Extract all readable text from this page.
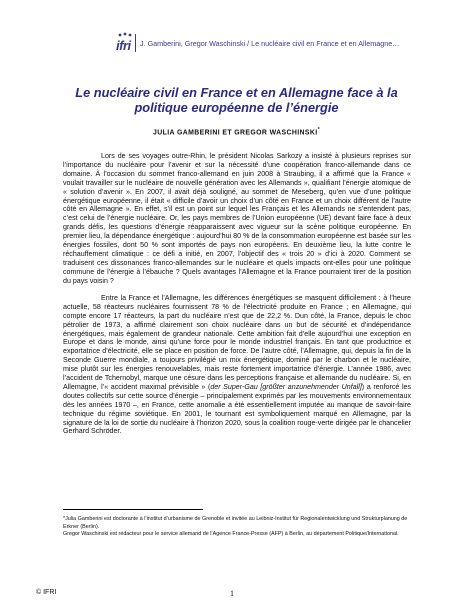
ifri J. Gamberini, Gregor Waschinski / Le nucléaire civil en France et en Allemagne…
Le nucléaire civil en France et en Allemagne face à la
politique européenne de l’énergie
JULIA GAMBERINI ET GREGOR WASCHINSKI*

Lors de ses voyages outre-Rhin, le président Nicolas Sarkozy a insisté à plusieurs reprises sur l’importance du nucléaire pour l’avenir et sur la nécessité d’une coopération franco-allemande dans ce domaine. À l’occasion du sommet franco-allemand en juin 2008 à Straubing, il a affirmé que la France « voulait travailler sur le nucléaire de nouvelle génération avec les Allemands », qualifiant l’énergie atomique de « solution d’avenir ». En 2007, il avait déjà souligné, au sommet de Meseberg, qu’en vue d’une politique énergétique européenne, il était « difficile d’avoir un choix d’un côté en France et un choix différent de l’autre côté en Allemagne ». En effet, s’il est un point sur lequel les Français et les Allemands ne s’entendent pas, c’est celui de l’énergie nucléaire. Or, les pays membres de l’Union européenne (UE) devant faire face à deux grands défis, les questions d’énergie réapparaissent avec vigueur sur la scène politique européenne. En premier lieu, la dépendance énergétique : aujourd’hui 80 % de la consommation européenne est basée sur les énergies fossiles, dont 50 % sont importés de pays non européens. En deuxième lieu, la lutte contre le réchauffement climatique : ce défi a initié, en 2007, l’objectif des « trois 20 » d’ici à 2020. Comment se traduisent ces dissonances franco-allemandes sur le nucléaire et quels impacts ont-elles pour une politique commune de l’énergie à l’ébauche ? Quels avantages l’Allemagne et la France pourraient tirer de la position du pays voisin ?

Entre la France et l’Allemagne, les différences énergétiques se masquent difficilement : à l’heure actuelle, 58 réacteurs nucléaires fournissent 78 % de l’électricité produite en France ; en Allemagne, qui compte encore 17 réacteurs, la part du nucléaire n’est que de 22,2 %. Dun côté, la France, depuis le choc pétrolier de 1973, a affirmé clairement son choix nucléaire dans un but de sécurité et d’indépendance énergétiques, mais également de grandeur nationale. Cette ambition fait d’elle aujourd’hui une exception en Europe et dans le monde, ainsi qu’une force pour le monde industriel français. En tant que productrice et exportatrice d’électricité, elle se place en position de force. De l’autre côté, l’Allemagne, qui, depuis la fin de la Seconde Guerre mondiale, a toujours privilégié un mix énergétique, dominé par le charbon et le nucléaire, mise plutôt sur les énergies renouvelables, mais reste fortement importatrice d’énergie. L’année 1986, avec l’accident de Tchernobyl, marque une césure dans les perceptions française et allemande du nucléaire. Si, en Allemagne, l’« accident maximal prévisible » (der Super-Gau [größter anzunehmender Unfall]) a renforcé les doutes collectifs sur cette source d’énergie – principalement exprimés par les mouvements environnementaux dès les années 1970 –, en France, cette anomalie a été essentiellement imputée au manque de savoir-faire technique du régime soviétique. En 2001, le tournant est symboliquement marqué en Allemagne, par la signature de la loi de sortie du nucléaire à l’horizon 2020, sous la coalition rouge-verte dirigée par le chancelier Gerhard Schröder.

*Julia Gamberini est doctorante à l’institut d’urbanisme de Grenoble et invitée au Leibniz-Institut für Regionalentwicklung und Strukturplanung de Erkner (Berlin).

Gregor Waschinski est rédacteur pour le service allemand de l’Agence France-Presse (AFP) à Berlin, au département Politique/International.

© IFRI	1
